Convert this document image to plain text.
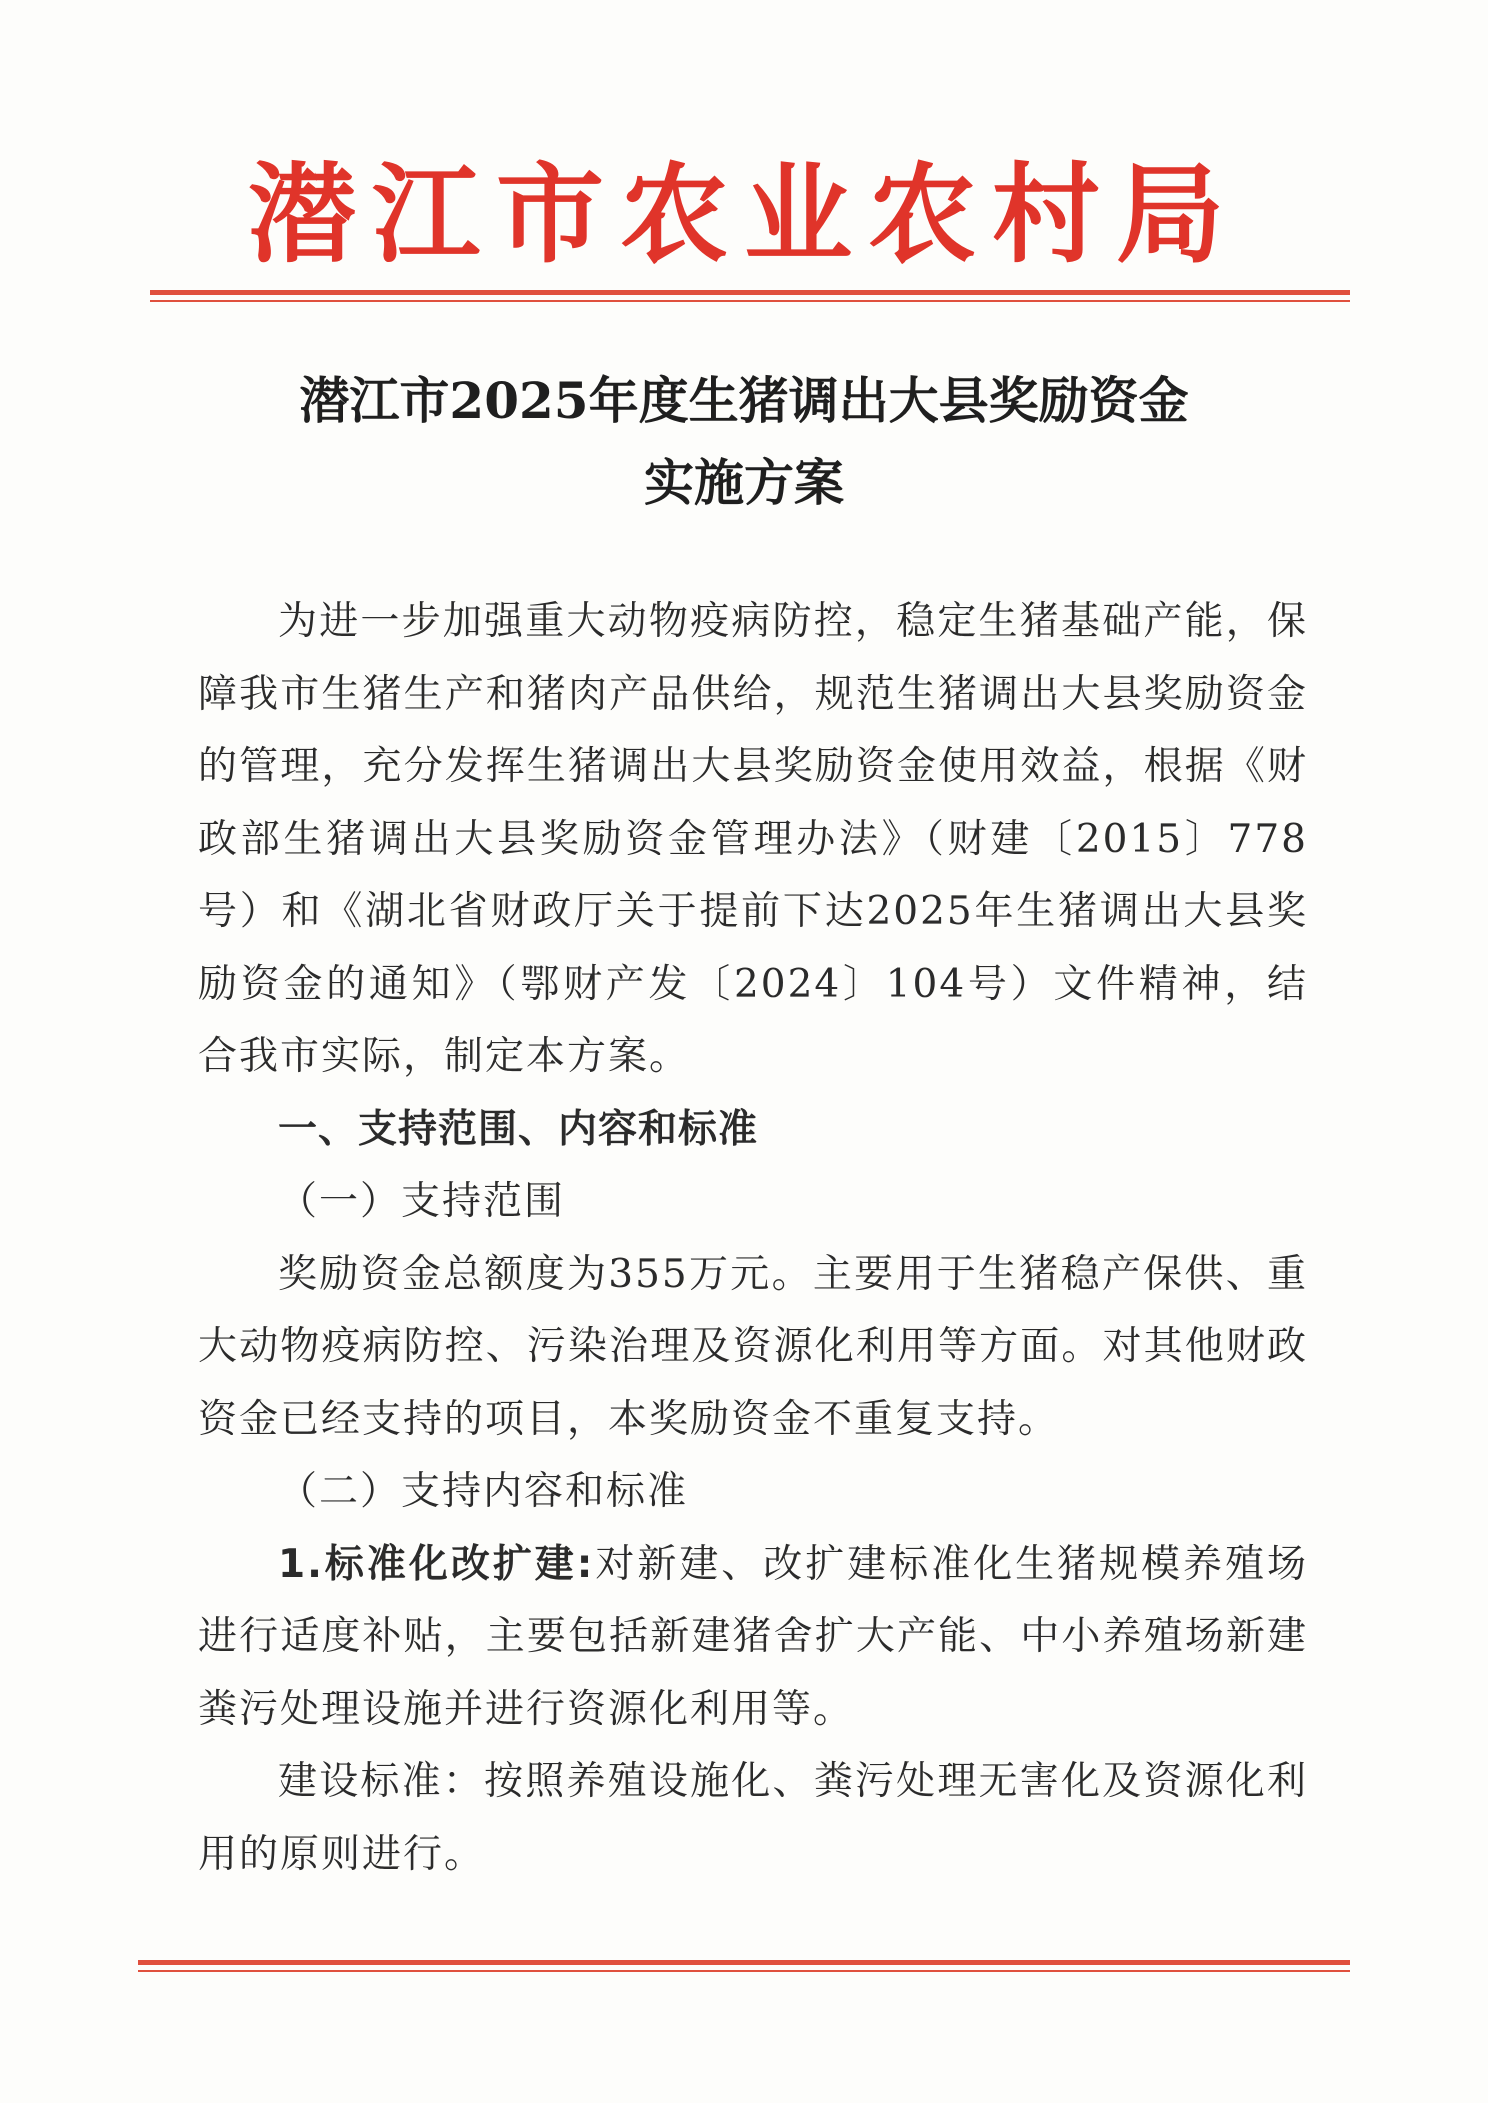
潜江市农业农村局
潜江市2025年度生猪调出大县奖励资金
实施方案

为进一步加强重大动物疫病防控，稳定生猪基础产能，保障我市生猪生产和猪肉产品供给，规范生猪调出大县奖励资金的管理，充分发挥生猪调出大县奖励资金使用效益，根据《财政部生猪调出大县奖励资金管理办法》（财建〔2015〕778号）和《湖北省财政厅关于提前下达2025年生猪调出大县奖励资金的通知》（鄂财产发〔2024〕104号）文件精神，结合我市实际，制定本方案。

一、支持范围、内容和标准

（一）支持范围

奖励资金总额度为355万元。主要用于生猪稳产保供、重大动物疫病防控、污染治理及资源化利用等方面。对其他财政资金已经支持的项目，本奖励资金不重复支持。

（二）支持内容和标准

1.标准化改扩建:对新建、改扩建标准化生猪规模养殖场进行适度补贴，主要包括新建猪舍扩大产能、中小养殖场新建粪污处理设施并进行资源化利用等。

建设标准：按照养殖设施化、粪污处理无害化及资源化利用的原则进行。
